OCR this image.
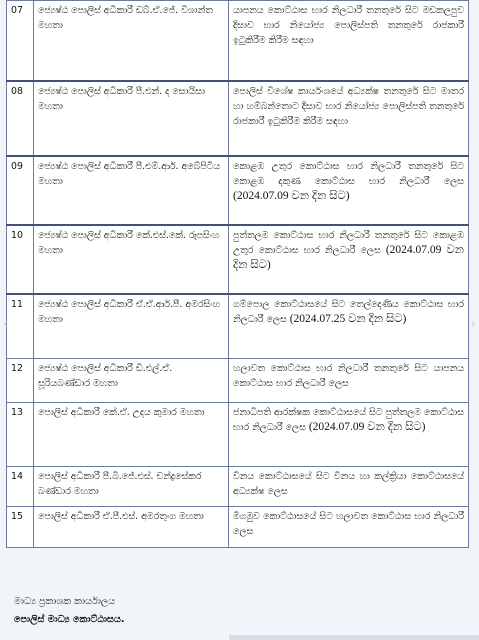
07	ජ්‍යෙෂ්ඨ පොලිස් අධිකාරී ඩබ්.ඒ.ජේ. විශාන්ත මහතා	යාපනය කොට්ඨාස භාර නිලධාරී තනතුරේ සිට මඩකලපුව දිසාව භාර නියෝජ්‍ය පොලිස්පති තනතුරේ රාජකාරී ඉටුකිරීම කිරීම සඳහා
08	ජ්‍යෙෂ්ඨ පොලිස් අධිකාරී පී.එන්. ද සොයිසා මහතා	පොලිස් විශේෂ කාර්යංශයේ අධ්‍යක්ෂ තනතුරේ සිට මාතර හා හම්බන්තොට දිසාව භාර නියෝජ්‍ය පොලිස්පති තනතුරේ රාජකාරී ඉටුකිරීම කිරීම සඳහා
09	ජ්‍යෙෂ්ඨ පොලිස් අධිකාරී පී.එම්.ආර්. අබේපිටිය මහතා	කොළඹ උතුර කොට්ඨාස භාර නිලධාරී තනතුරේ සිට කොළඹ දකුණ කොට්ඨාස භාර නිලධාරී ලෙස (2024.07.09 වන දින සිට)
10	ජ්‍යෙෂ්ඨ පොලිස් අධිකාරී කේ.එස්.කේ. රූපසිංහ මහතා	පුත්තලම කොට්ඨාස භාර නිලධාරී තනතුරේ සිට කොළඹ උතුර කොට්ඨාස භාර නිලධාරී ලෙස (2024.07.09 වන දින සිට)
11	ජ්‍යෙෂ්ඨ පොලිස් අධිකාරී ඒ.ඒ.ආර්.පී. අමරසිංහ මහතා	ගම්පොල කොට්ඨාසයේ සිට තෙල්දෙණිය කොට්ඨාස භාර නිලධාරී ලෙස (2024.07.25 වන දින සිට)
12	ජ්‍යෙෂ්ඨ පොලිස් අධිකාරී ඩී.එල්.ඒ. සූරියබණ්ඩාර මහතා	හලාවත කොට්ඨාස භාර නිලධාරී තනතුරේ සිට යාපනය කොට්ඨාස භාර නිලධාරී ලෙස
13	පොලිස් අධිකාරී කේ.ඒ. උදය කුමාර මහතා	ජනාධිපති ආරක්ෂක කොට්ඨාසයේ සිට පුත්තලම කොට්ඨාස භාර නිලධාරී ලෙස (2024.07.09 වන දින සිට)
14	පොලිස් අධිකාරී පී.බී.ජේ.එස්. චන්ද්‍රසේකර බණ්ඩාර මහතා	විනය කොට්ඨාසයේ සිට විනය හා කල්ක්‍රියා කොට්ඨාසයේ අධ්‍යක්ෂ ලෙස
15	පොලිස් අධිකාරී ඒ.පී.එස්. අමරතුංග මහතා	මීගමුව කොට්ඨාසයේ සිට හලාවත කොට්ඨාස භාර නිලධාරී ලෙස
‹	›
මාධ්‍ය ප්‍රකාශක කාර්යාලය
පොලිස් මාධ්‍ය කොට්ඨාසය.
